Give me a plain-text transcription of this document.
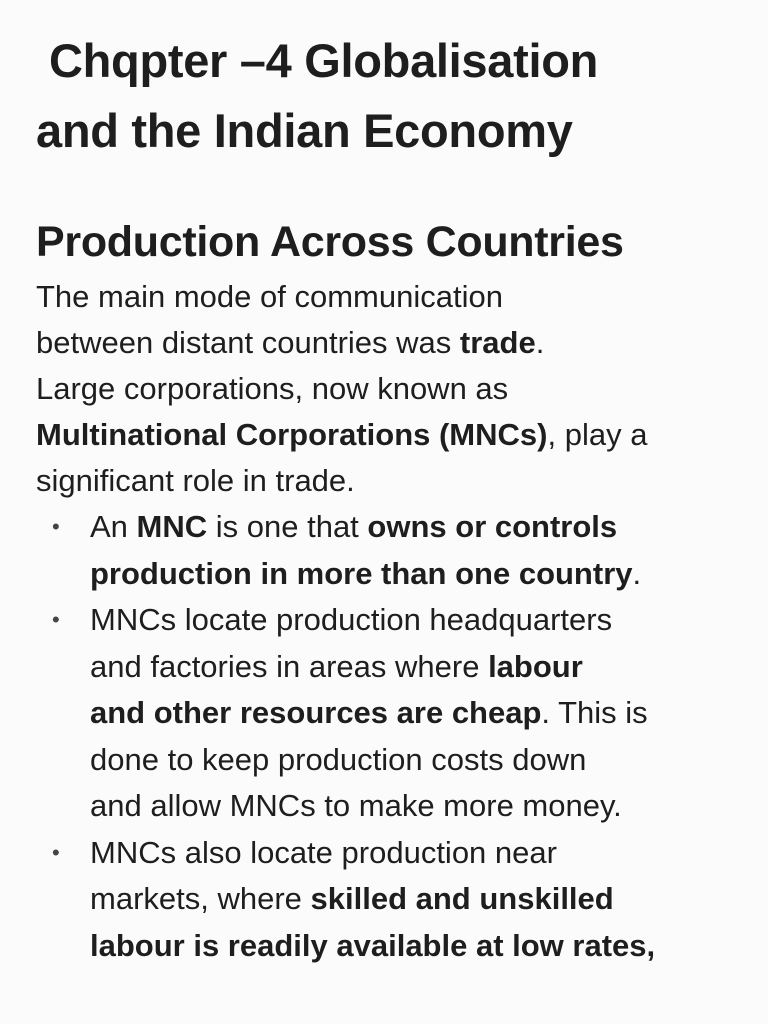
Chqpter –4 Globalisation
and the Indian Economy
Production Across Countries

The main mode of communication
between distant countries was trade.
Large corporations, now known as
Multinational Corporations (MNCs), play a
significant role in trade.

• An MNC is one that owns or controls
production in more than one country.
• MNCs locate production headquarters
and factories in areas where labour
and other resources are cheap. This is
done to keep production costs down
and allow MNCs to make more money.
• MNCs also locate production near
markets, where skilled and unskilled
labour is readily available at low rates,
